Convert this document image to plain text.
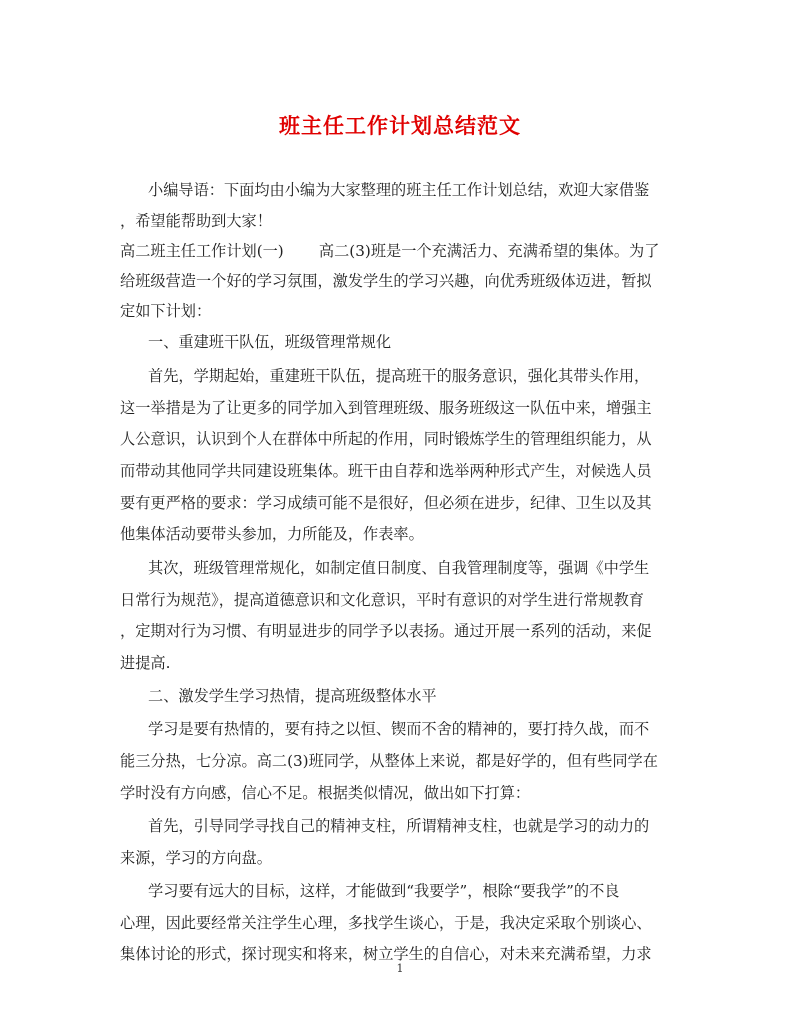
班主任工作计划总结范文
小编导语：下面均由小编为大家整理的班主任工作计划总结，欢迎大家借鉴
，希望能帮助到大家！
高二班主任工作计划(一)　　 高二(3)班是一个充满活力、充满希望的集体。为了
给班级营造一个好的学习氛围，激发学生的学习兴趣，向优秀班级体迈进，暂拟
定如下计划：
一、重建班干队伍，班级管理常规化
首先，学期起始，重建班干队伍，提高班干的服务意识，强化其带头作用，
这一举措是为了让更多的同学加入到管理班级、服务班级这一队伍中来，增强主
人公意识，认识到个人在群体中所起的作用，同时锻炼学生的管理组织能力，从
而带动其他同学共同建设班集体。班干由自荐和选举两种形式产生，对候选人员
要有更严格的要求：学习成绩可能不是很好，但必须在进步，纪律、卫生以及其
他集体活动要带头参加，力所能及，作表率。
其次，班级管理常规化，如制定值日制度、自我管理制度等，强调《中学生
日常行为规范》，提高道德意识和文化意识，平时有意识的对学生进行常规教育
，定期对行为习惯、有明显进步的同学予以表扬。通过开展一系列的活动，来促
进提高.
二、激发学生学习热情，提高班级整体水平
学习是要有热情的，要有持之以恒、锲而不舍的精神的，要打持久战，而不
能三分热，七分凉。高二(3)班同学，从整体上来说，都是好学的，但有些同学在
学时没有方向感，信心不足。根据类似情况，做出如下打算：
首先，引导同学寻找自己的精神支柱，所谓精神支柱，也就是学习的动力的
来源，学习的方向盘。
学习要有远大的目标，这样，才能做到“我要学”，根除“要我学”的不良
心理，因此要经常关注学生心理，多找学生谈心，于是，我决定采取个别谈心、
集体讨论的形式，探讨现实和将来，树立学生的自信心，对未来充满希望，力求
1
